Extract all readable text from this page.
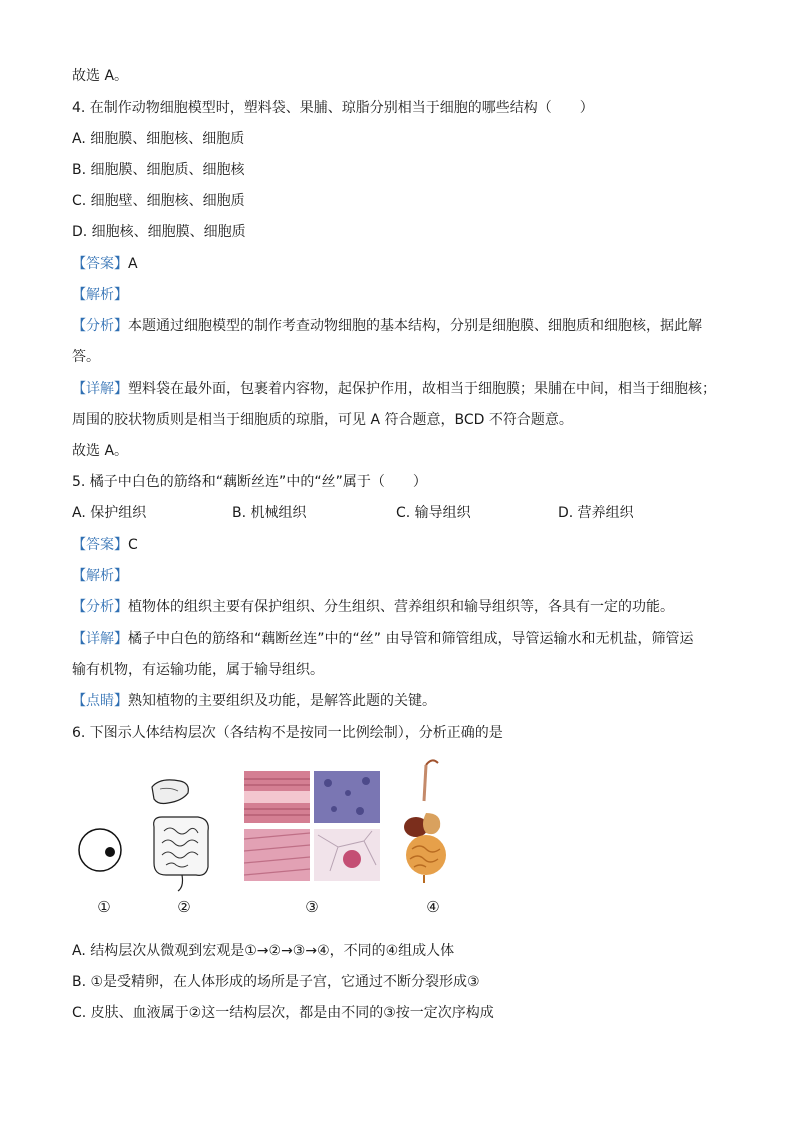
故选 A。
4. 在制作动物细胞模型时，塑料袋、果脯、琼脂分别相当于细胞的哪些结构（　　）
A. 细胞膜、细胞核、细胞质
B. 细胞膜、细胞质、细胞核
C. 细胞壁、细胞核、细胞质
D. 细胞核、细胞膜、细胞质
【答案】A
【解析】
【分析】本题通过细胞模型的制作考查动物细胞的基本结构，分别是细胞膜、细胞质和细胞核，据此解
答。
【详解】塑料袋在最外面，包裹着内容物，起保护作用，故相当于细胞膜；果脯在中间，相当于细胞核；
周围的胶状物质则是相当于细胞质的琼脂，可见 A 符合题意，BCD 不符合题意。
故选 A。
5. 橘子中白色的筋络和“藕断丝连”中的“丝”属于（　　）
A. 保护组织	B. 机械组织	C. 输导组织	D. 营养组织
【答案】C
【解析】
【分析】植物体的组织主要有保护组织、分生组织、营养组织和输导组织等，各具有一定的功能。
【详解】橘子中白色的筋络和“藕断丝连”中的“丝” 由导管和筛管组成，导管运输水和无机盐，筛管运
输有机物，有运输功能，属于输导组织。
【点睛】熟知植物的主要组织及功能，是解答此题的关键。
6. 下图示人体结构层次（各结构不是按同一比例绘制），分析正确的是
①	②	③	④
A. 结构层次从微观到宏观是①→②→③→④，不同的④组成人体
B. ①是受精卵，在人体形成的场所是子宫，它通过不断分裂形成③
C. 皮肤、血液属于②这一结构层次，都是由不同的③按一定次序构成
